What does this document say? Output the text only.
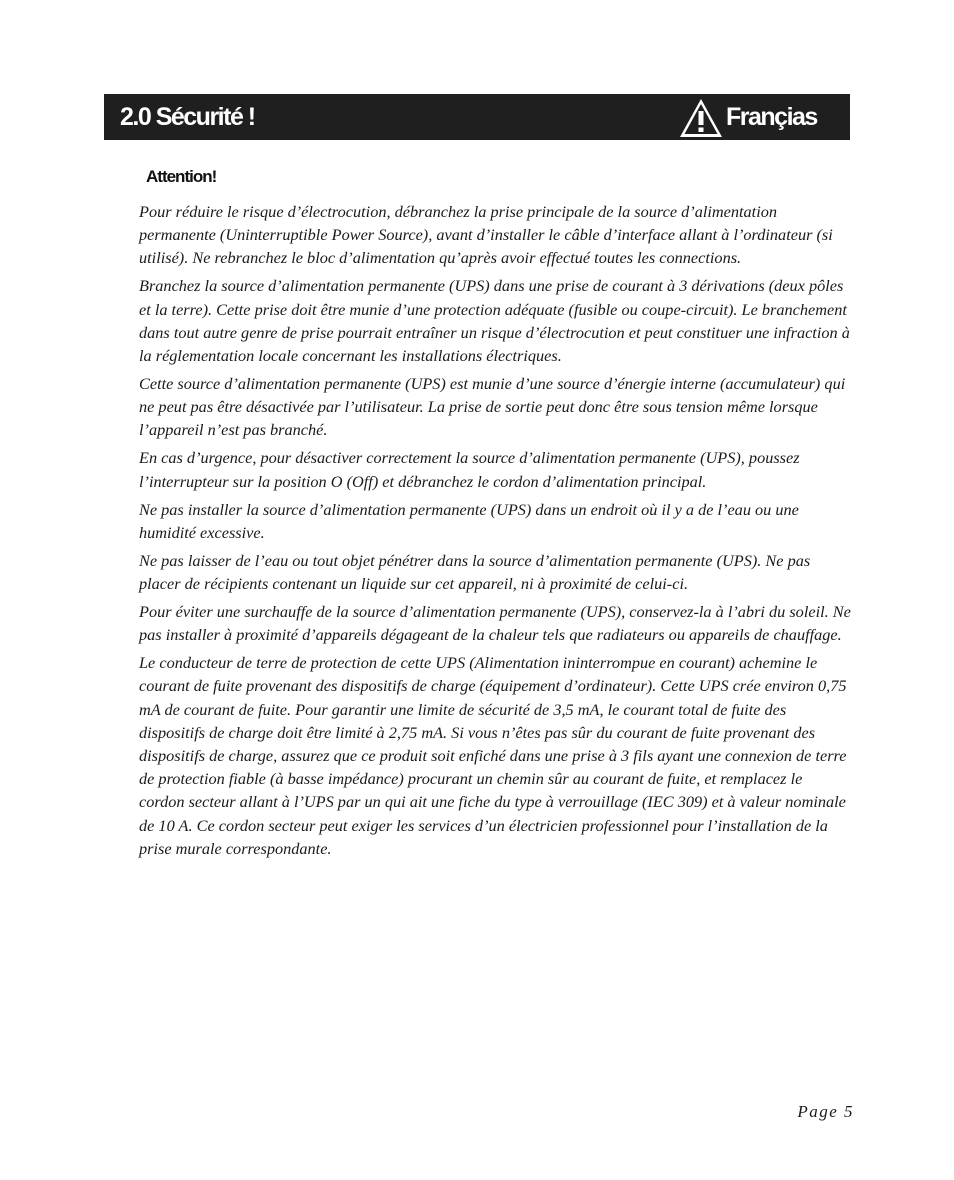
2.0 Sécurité !	Françias
Attention!

Pour réduire le risque d’électrocution, débranchez la prise principale de la source d’alimentation permanente (Uninterruptible Power Source), avant d’installer le câble d’interface allant à l’ordinateur (si utilisé). Ne rebranchez le bloc d’alimentation qu’après avoir effectué toutes les connections.

Branchez la source d’alimentation permanente (UPS) dans une prise de courant à 3 dérivations (deux pôles et la terre). Cette prise doit être munie d’une protection adéquate (fusible ou coupe-circuit). Le branchement dans tout autre genre de prise pourrait entraîner un risque d’électrocution et peut constituer une infraction à la réglementation locale concernant les installations électriques.

Cette source d’alimentation permanente (UPS) est munie d’une source d’énergie interne (accumulateur) qui ne peut pas être désactivée par l’utilisateur. La prise de sortie peut donc être sous tension même lorsque l’appareil n’est pas branché.

En cas d’urgence, pour désactiver correctement la source d’alimentation permanente (UPS), poussez l’interrupteur sur la position O (Off) et débranchez le cordon d’alimentation principal.

Ne pas installer la source d’alimentation permanente (UPS) dans un endroit où il y a de l’eau ou une humidité excessive.

Ne pas laisser de l’eau ou tout objet pénétrer dans la source d’alimentation permanente (UPS). Ne pas placer de récipients contenant un liquide sur cet appareil, ni à proximité de celui-ci.

Pour éviter une surchauffe de la source d’alimentation permanente (UPS), conservez-la à l’abri du soleil. Ne pas installer à proximité d’appareils dégageant de la chaleur tels que radiateurs ou appareils de chauffage.

Le conducteur de terre de protection de cette UPS (Alimentation ininterrompue en courant) achemine le courant de fuite provenant des dispositifs de charge (équipement d’ordinateur). Cette UPS crée environ 0,75 mA de courant de fuite. Pour garantir une limite de sécurité de 3,5 mA, le courant total de fuite des dispositifs de charge doit être limité à 2,75 mA. Si vous n’êtes pas sûr du courant de fuite provenant des dispositifs de charge, assurez que ce produit soit enfiché dans une prise à 3 fils ayant une connexion de terre de protection fiable (à basse impédance) procurant un chemin sûr au courant de fuite, et remplacez le cordon secteur allant à l’UPS par un qui ait une fiche du type à verrouillage (IEC 309) et à valeur nominale de 10 A. Ce cordon secteur peut exiger les services d’un électricien professionnel pour l’installation de la prise murale correspondante.

Page 5
